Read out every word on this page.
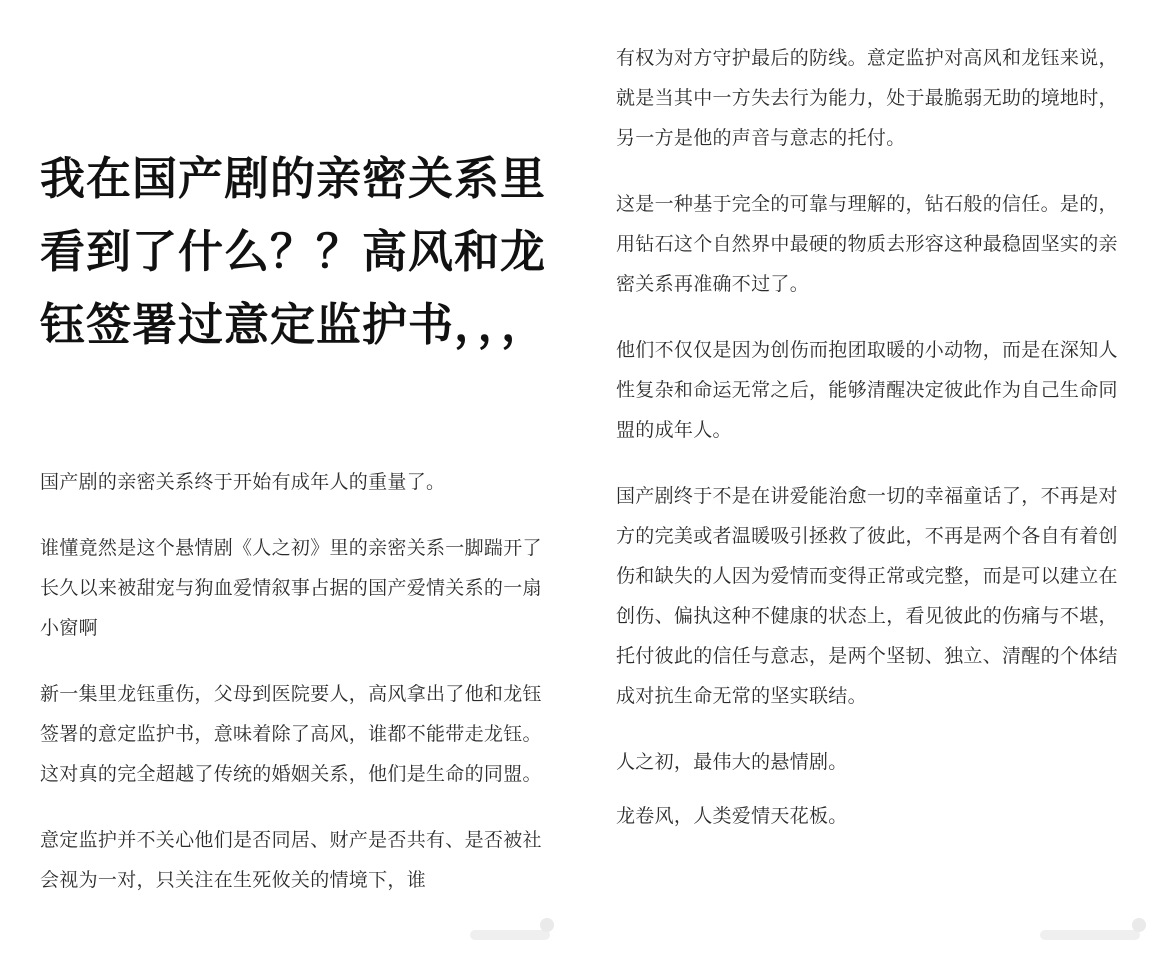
我在国产剧的亲密关系里看到了什么？？高风和龙钰签署过意定监护书，，，

国产剧的亲密关系终于开始有成年人的重量了。

谁懂竟然是这个悬情剧《人之初》里的亲密关系一脚踹开了长久以来被甜宠与狗血爱情叙事占据的国产爱情关系的一扇小窗啊

新一集里龙钰重伤，父母到医院要人，高风拿出了他和龙钰签署的意定监护书，意味着除了高风，谁都不能带走龙钰。这对真的完全超越了传统的婚姻关系，他们是生命的同盟。

意定监护并不关心他们是否同居、财产是否共有、是否被社会视为一对，只关注在生死攸关的情境下，谁

有权为对方守护最后的防线。意定监护对高风和龙钰来说，就是当其中一方失去行为能力，处于最脆弱无助的境地时，另一方是他的声音与意志的托付。

这是一种基于完全的可靠与理解的，钻石般的信任。是的，用钻石这个自然界中最硬的物质去形容这种最稳固坚实的亲密关系再准确不过了。

他们不仅仅是因为创伤而抱团取暖的小动物，而是在深知人性复杂和命运无常之后，能够清醒决定彼此作为自己生命同盟的成年人。

国产剧终于不是在讲爱能治愈一切的幸福童话了，不再是对方的完美或者温暖吸引拯救了彼此，不再是两个各自有着创伤和缺失的人因为爱情而变得正常或完整，而是可以建立在创伤、偏执这种不健康的状态上，看见彼此的伤痛与不堪，托付彼此的信任与意志，是两个坚韧、独立、清醒的个体结成对抗生命无常的坚实联结。

人之初，最伟大的悬情剧。

龙卷风，人类爱情天花板。
